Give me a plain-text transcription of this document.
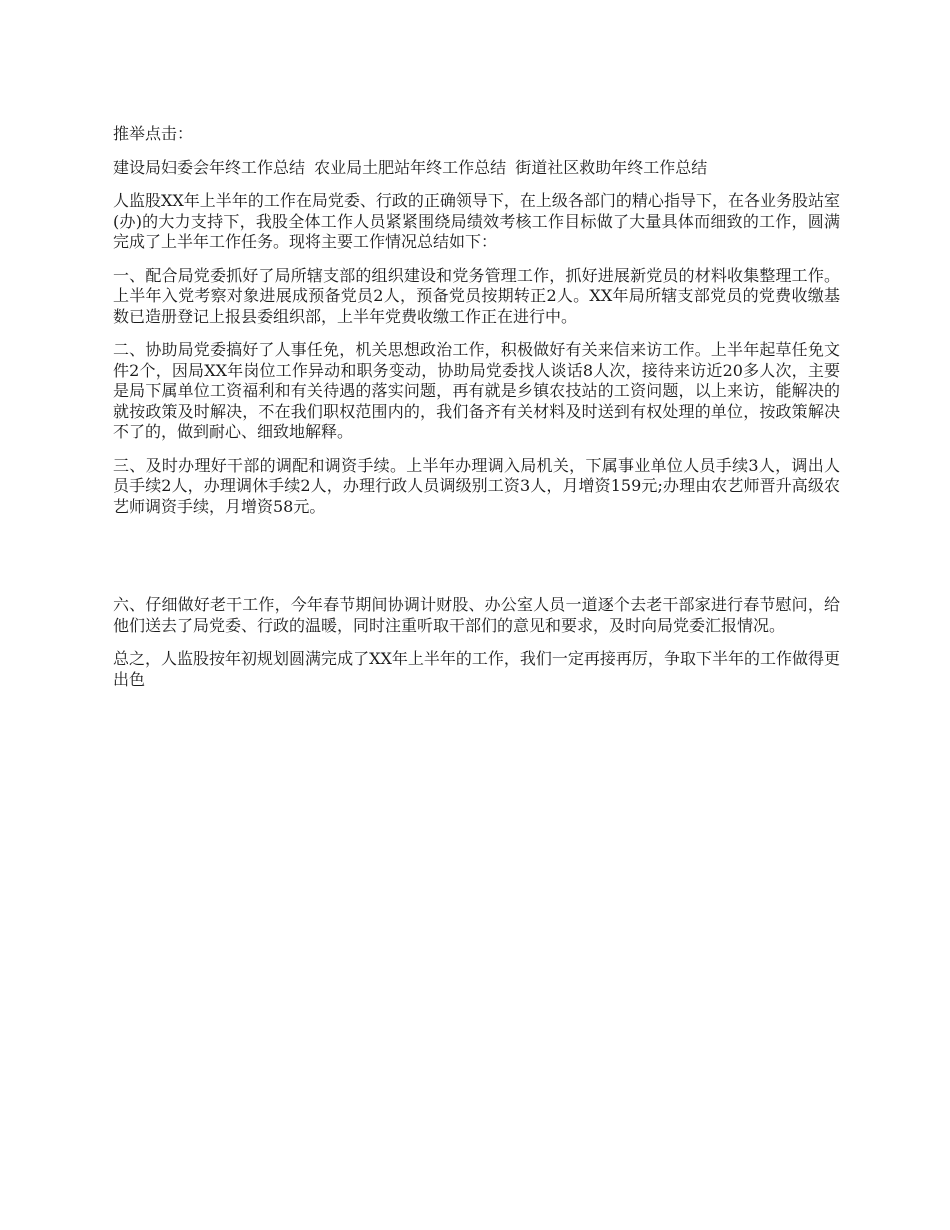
推举点击：

建设局妇委会年终工作总结 农业局土肥站年终工作总结 街道社区救助年终工作总结

人监股XX年上半年的工作在局党委、行政的正确领导下，在上级各部门的精心指导下，在各业务股站室(办)的大力支持下，我股全体工作人员紧紧围绕局绩效考核工作目标做了大量具体而细致的工作，圆满完成了上半年工作任务。现将主要工作情况总结如下：

一、配合局党委抓好了局所辖支部的组织建设和党务管理工作，抓好进展新党员的材料收集整理工作。上半年入党考察对象进展成预备党员2人，预备党员按期转正2人。XX年局所辖支部党员的党费收缴基数已造册登记上报县委组织部，上半年党费收缴工作正在进行中。

二、协助局党委搞好了人事任免，机关思想政治工作，积极做好有关来信来访工作。上半年起草任免文件2个，因局XX年岗位工作异动和职务变动，协助局党委找人谈话8人次，接待来访近20多人次，主要是局下属单位工资福利和有关待遇的落实问题，再有就是乡镇农技站的工资问题，以上来访，能解决的就按政策及时解决，不在我们职权范围内的，我们备齐有关材料及时送到有权处理的单位，按政策解决不了的，做到耐心、细致地解释。

三、及时办理好干部的调配和调资手续。上半年办理调入局机关，下属事业单位人员手续3人，调出人员手续2人，办理调休手续2人，办理行政人员调级别工资3人，月增资159元;办理由农艺师晋升高级农艺师调资手续，月增资58元。

六、仔细做好老干工作，今年春节期间协调计财股、办公室人员一道逐个去老干部家进行春节慰问，给他们送去了局党委、行政的温暖，同时注重听取干部们的意见和要求，及时向局党委汇报情况。

总之，人监股按年初规划圆满完成了XX年上半年的工作，我们一定再接再厉，争取下半年的工作做得更出色
